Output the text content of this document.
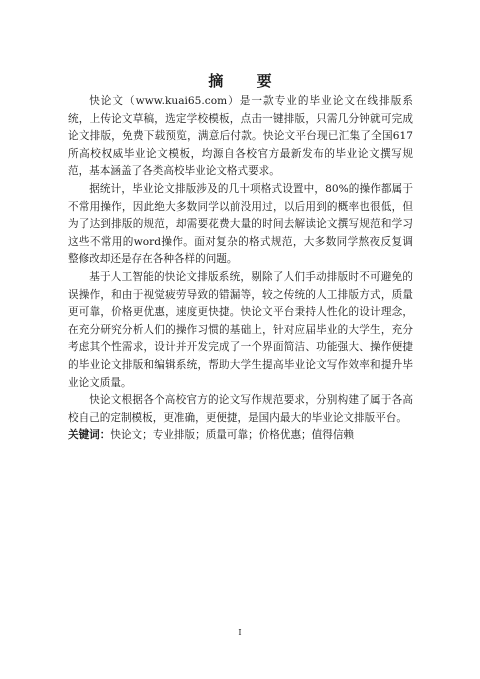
摘 要

快论文（www.kuai65.com）是一款专业的毕业论文在线排版系统，上传论文草稿，选定学校模板，点击一键排版，只需几分钟就可完成论文排版，免费下载预览，满意后付款。快论文平台现已汇集了全国617所高校权威毕业论文模板，均源自各校官方最新发布的毕业论文撰写规范，基本涵盖了各类高校毕业论文格式要求。

据统计，毕业论文排版涉及的几十项格式设置中，80%的操作都属于不常用操作，因此绝大多数同学以前没用过，以后用到的概率也很低，但为了达到排版的规范，却需要花费大量的时间去解读论文撰写规范和学习这些不常用的word操作。面对复杂的格式规范，大多数同学熬夜反复调整修改却还是存在各种各样的问题。

基于人工智能的快论文排版系统，剔除了人们手动排版时不可避免的误操作，和由于视觉疲劳导致的错漏等，较之传统的人工排版方式，质量更可靠，价格更优惠，速度更快捷。快论文平台秉持人性化的设计理念，在充分研究分析人们的操作习惯的基础上，针对应届毕业的大学生，充分考虑其个性需求，设计并开发完成了一个界面简洁、功能强大、操作便捷的毕业论文排版和编辑系统，帮助大学生提高毕业论文写作效率和提升毕业论文质量。

快论文根据各个高校官方的论文写作规范要求，分别构建了属于各高校自己的定制模板，更准确，更便捷，是国内最大的毕业论文排版平台。

关键词：快论文；专业排版；质量可靠；价格优惠；值得信赖

I
